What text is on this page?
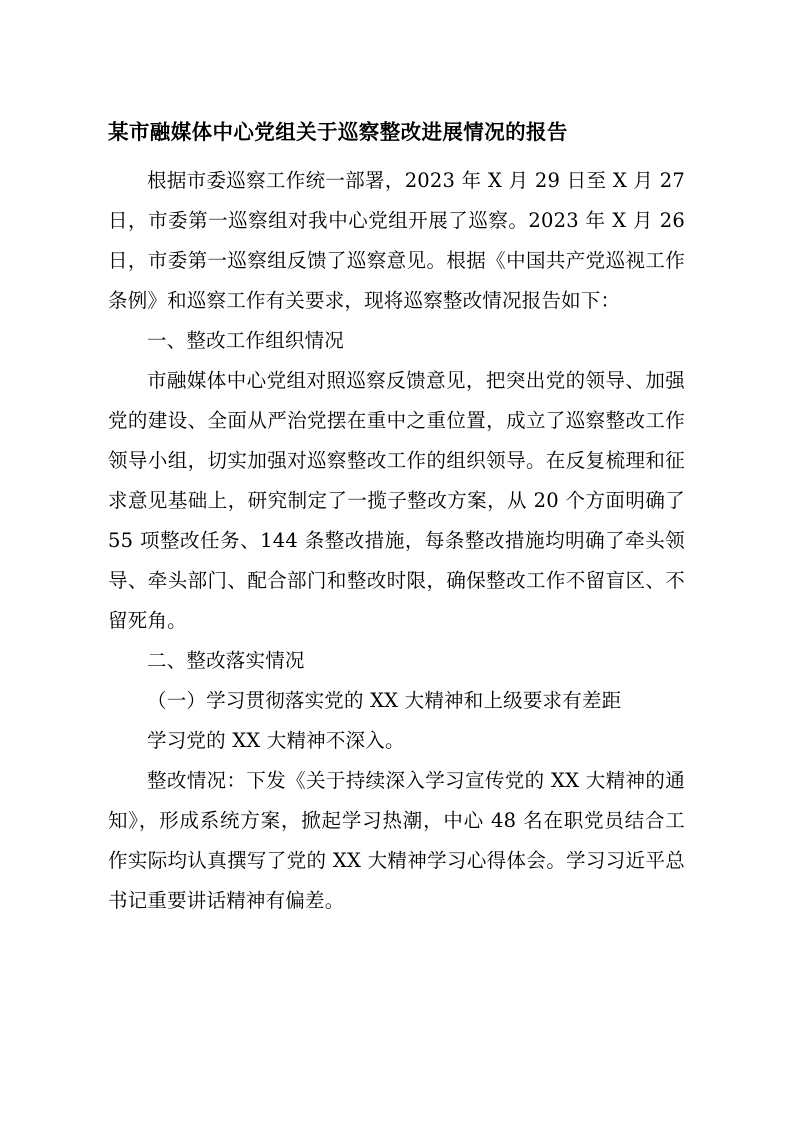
某市融媒体中心党组关于巡察整改进展情况的报告

根据市委巡察工作统一部署，2023 年 X 月 29 日至 X 月 27 日，市委第一巡察组对我中心党组开展了巡察。2023 年 X 月 26 日，市委第一巡察组反馈了巡察意见。根据《中国共产党巡视工作条例》和巡察工作有关要求，现将巡察整改情况报告如下：

一、整改工作组织情况

市融媒体中心党组对照巡察反馈意见，把突出党的领导、加强党的建设、全面从严治党摆在重中之重位置，成立了巡察整改工作领导小组，切实加强对巡察整改工作的组织领导。在反复梳理和征求意见基础上，研究制定了一揽子整改方案，从 20 个方面明确了 55 项整改任务、144 条整改措施，每条整改措施均明确了牵头领导、牵头部门、配合部门和整改时限，确保整改工作不留盲区、不留死角。

二、整改落实情况

（一）学习贯彻落实党的 XX 大精神和上级要求有差距

学习党的 XX 大精神不深入。

整改情况：下发《关于持续深入学习宣传党的 XX 大精神的通知》，形成系统方案，掀起学习热潮，中心 48 名在职党员结合工作实际均认真撰写了党的 XX 大精神学习心得体会。学习习近平总书记重要讲话精神有偏差。
